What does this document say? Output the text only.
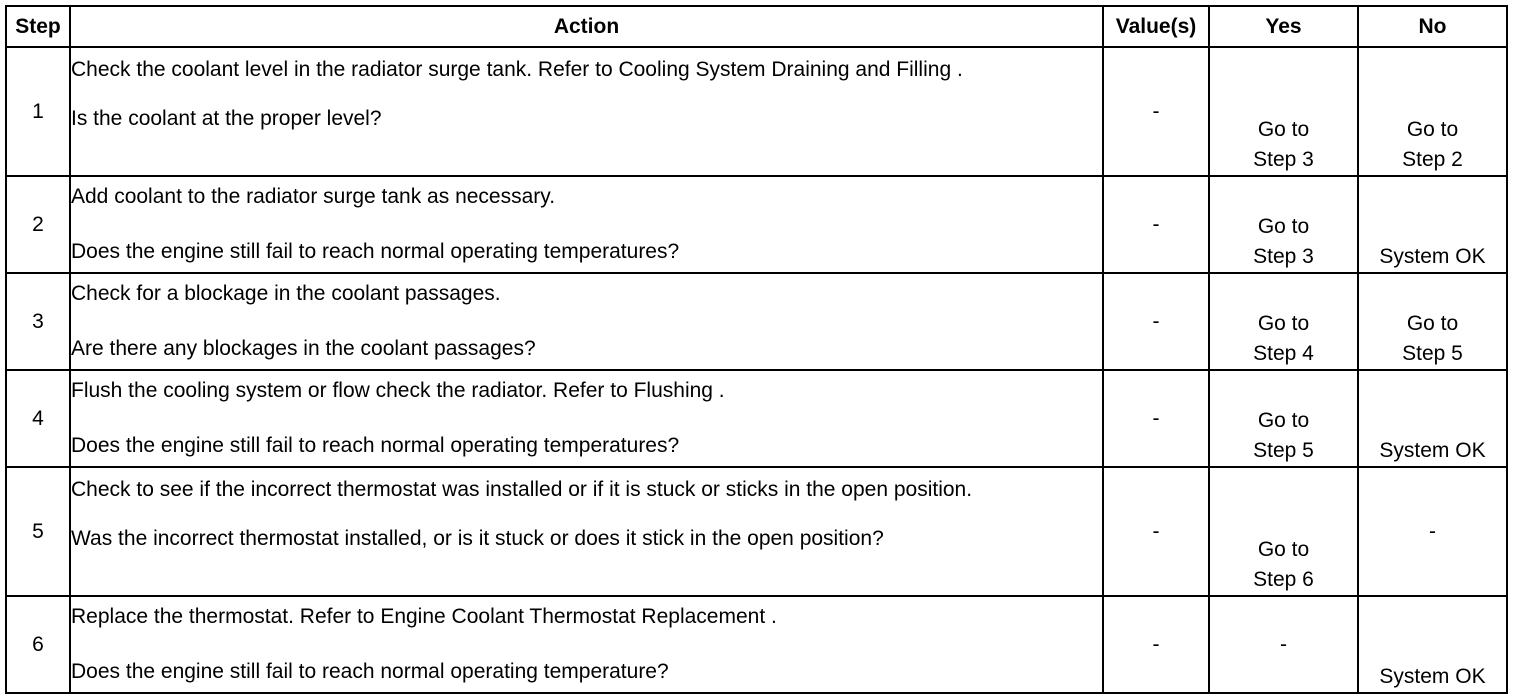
Step	Action	Value(s)	Yes	No
1	Check the coolant level in the radiator surge tank. Refer to Cooling System Draining and Filling .
Is the coolant at the proper level?	-	Go to
Step 3	Go to
Step 2

2	Add coolant to the radiator surge tank as necessary.
Does the engine still fail to reach normal operating temperatures?	-	Go to
Step 3	System OK

3	Check for a blockage in the coolant passages.
Are there any blockages in the coolant passages?	-	Go to
Step 4	Go to
Step 5

4	Flush the cooling system or flow check the radiator. Refer to Flushing .
Does the engine still fail to reach normal operating temperatures?	-	Go to
Step 5	System OK

5	Check to see if the incorrect thermostat was installed or if it is stuck or sticks in the open position.
Was the incorrect thermostat installed, or is it stuck or does it stick in the open position?	-	Go to
Step 6	-

6	Replace the thermostat. Refer to Engine Coolant Thermostat Replacement .
Does the engine still fail to reach normal operating temperature?	-	-	System OK
